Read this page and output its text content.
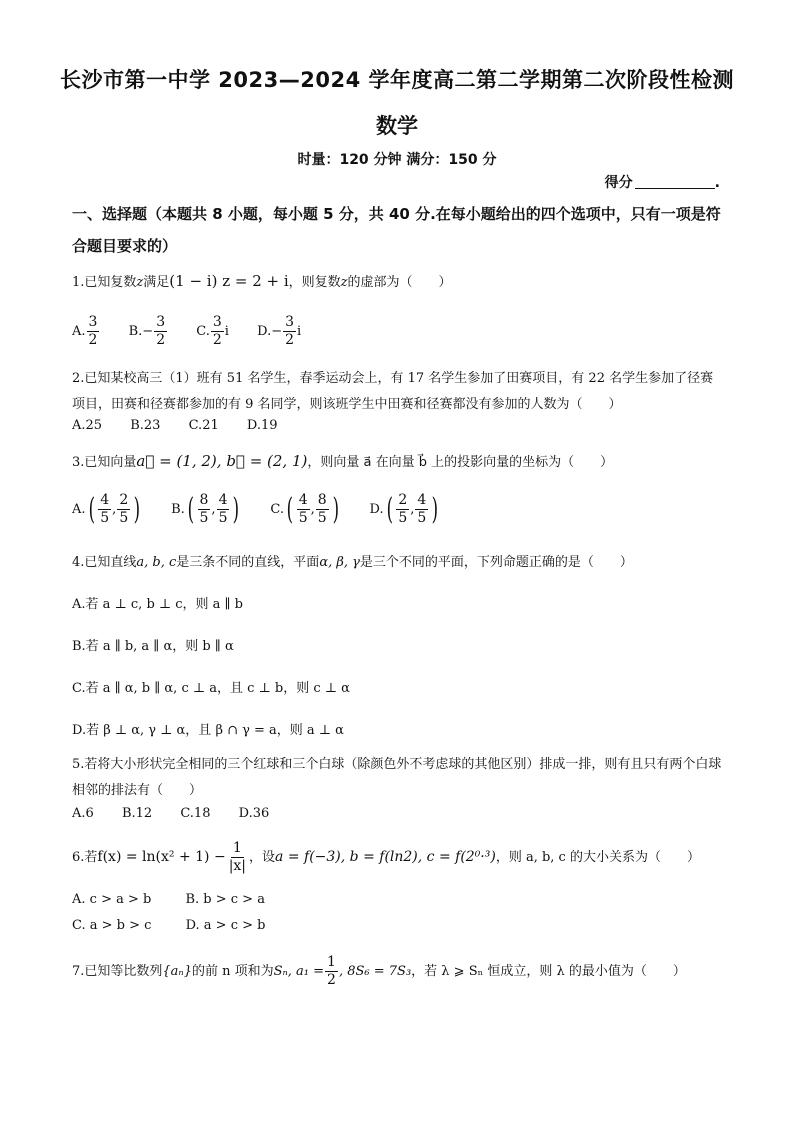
长沙市第一中学 2023—2024 学年度高二第二学期第二次阶段性检测
数学
时量：120 分钟 满分：150 分
得分	.
一、选择题（本题共 8 小题，每小题 5 分，共 40 分.在每小题给出的四个选项中，只有一项是符合题目要求的）
1.已知复数z满足(1 − i) z = 2 + i，则复数z的虚部为（　　）
A. $\frac{3}{2} B.- \frac{3}{2} C$. $\frac{3}{2}$ i $D.- \frac{3}{2}$ i
2.已知某校高三（1）班有 51 名学生，春季运动会上，有 17 名学生参加了田赛项目，有 22 名学生参加了径赛项目，田赛和径赛都参加的有 9 名同学，则该班学生中田赛和径赛都没有参加的人数为（　　）
A.25 B.23 C.21 D.19
3.已知向量a⃗ = (1, 2), b⃗ = (2, 1)，则向量 a⃗ 在向量 b⃗ 上的投影向量的坐标为（　　）
$A.( \frac{4}{5}$ , $\frac{2}{5}$ ) $B.( \frac{8}{5}$ , $\frac{4}{5}$ ) $C.( \frac{4}{5}$ , $\frac{8}{5}$ ) $D.( \frac{2}{5}$ , $\frac{4}{5}$ )
4.已知直线a, b, c是三条不同的直线，平面α, β, γ是三个不同的平面，下列命题正确的是（　　）
A.若 a ⊥ c, b ⊥ c，则 a ∥ b
B.若 a ∥ b, a ∥ α，则 b ∥ α
C.若 a ∥ α, b ∥ α, c ⊥ a，且 c ⊥ b，则 c ⊥ α
D.若 β ⊥ α, γ ⊥ α，且 β ∩ γ = a，则 a ⊥ α
5.若将大小形状完全相同的三个红球和三个白球（除颜色外不考虑球的其他区别）排成一排，则有且只有两个白球相邻的排法有（　　）
A.6 B.12 C.18 D.36
6.若$f(x) = \ln(x^2 + 1) - \frac{1}{|x|}$ ，设a = f(−3), b = f(ln2), c = f(2⁰·³)，则 a, b, c 的大小关系为（　　）
A. c > a > b	B. b > c > a
C. a > b > c	D. a > c > b
7.已知等比数列{aₙ}的前 n 项和为Sₙ, $a_1 = \frac{1}{2}$ , 8S₆ = 7S₃，若 λ ⩾ Sₙ 恒成立，则 λ 的最小值为（　　）
